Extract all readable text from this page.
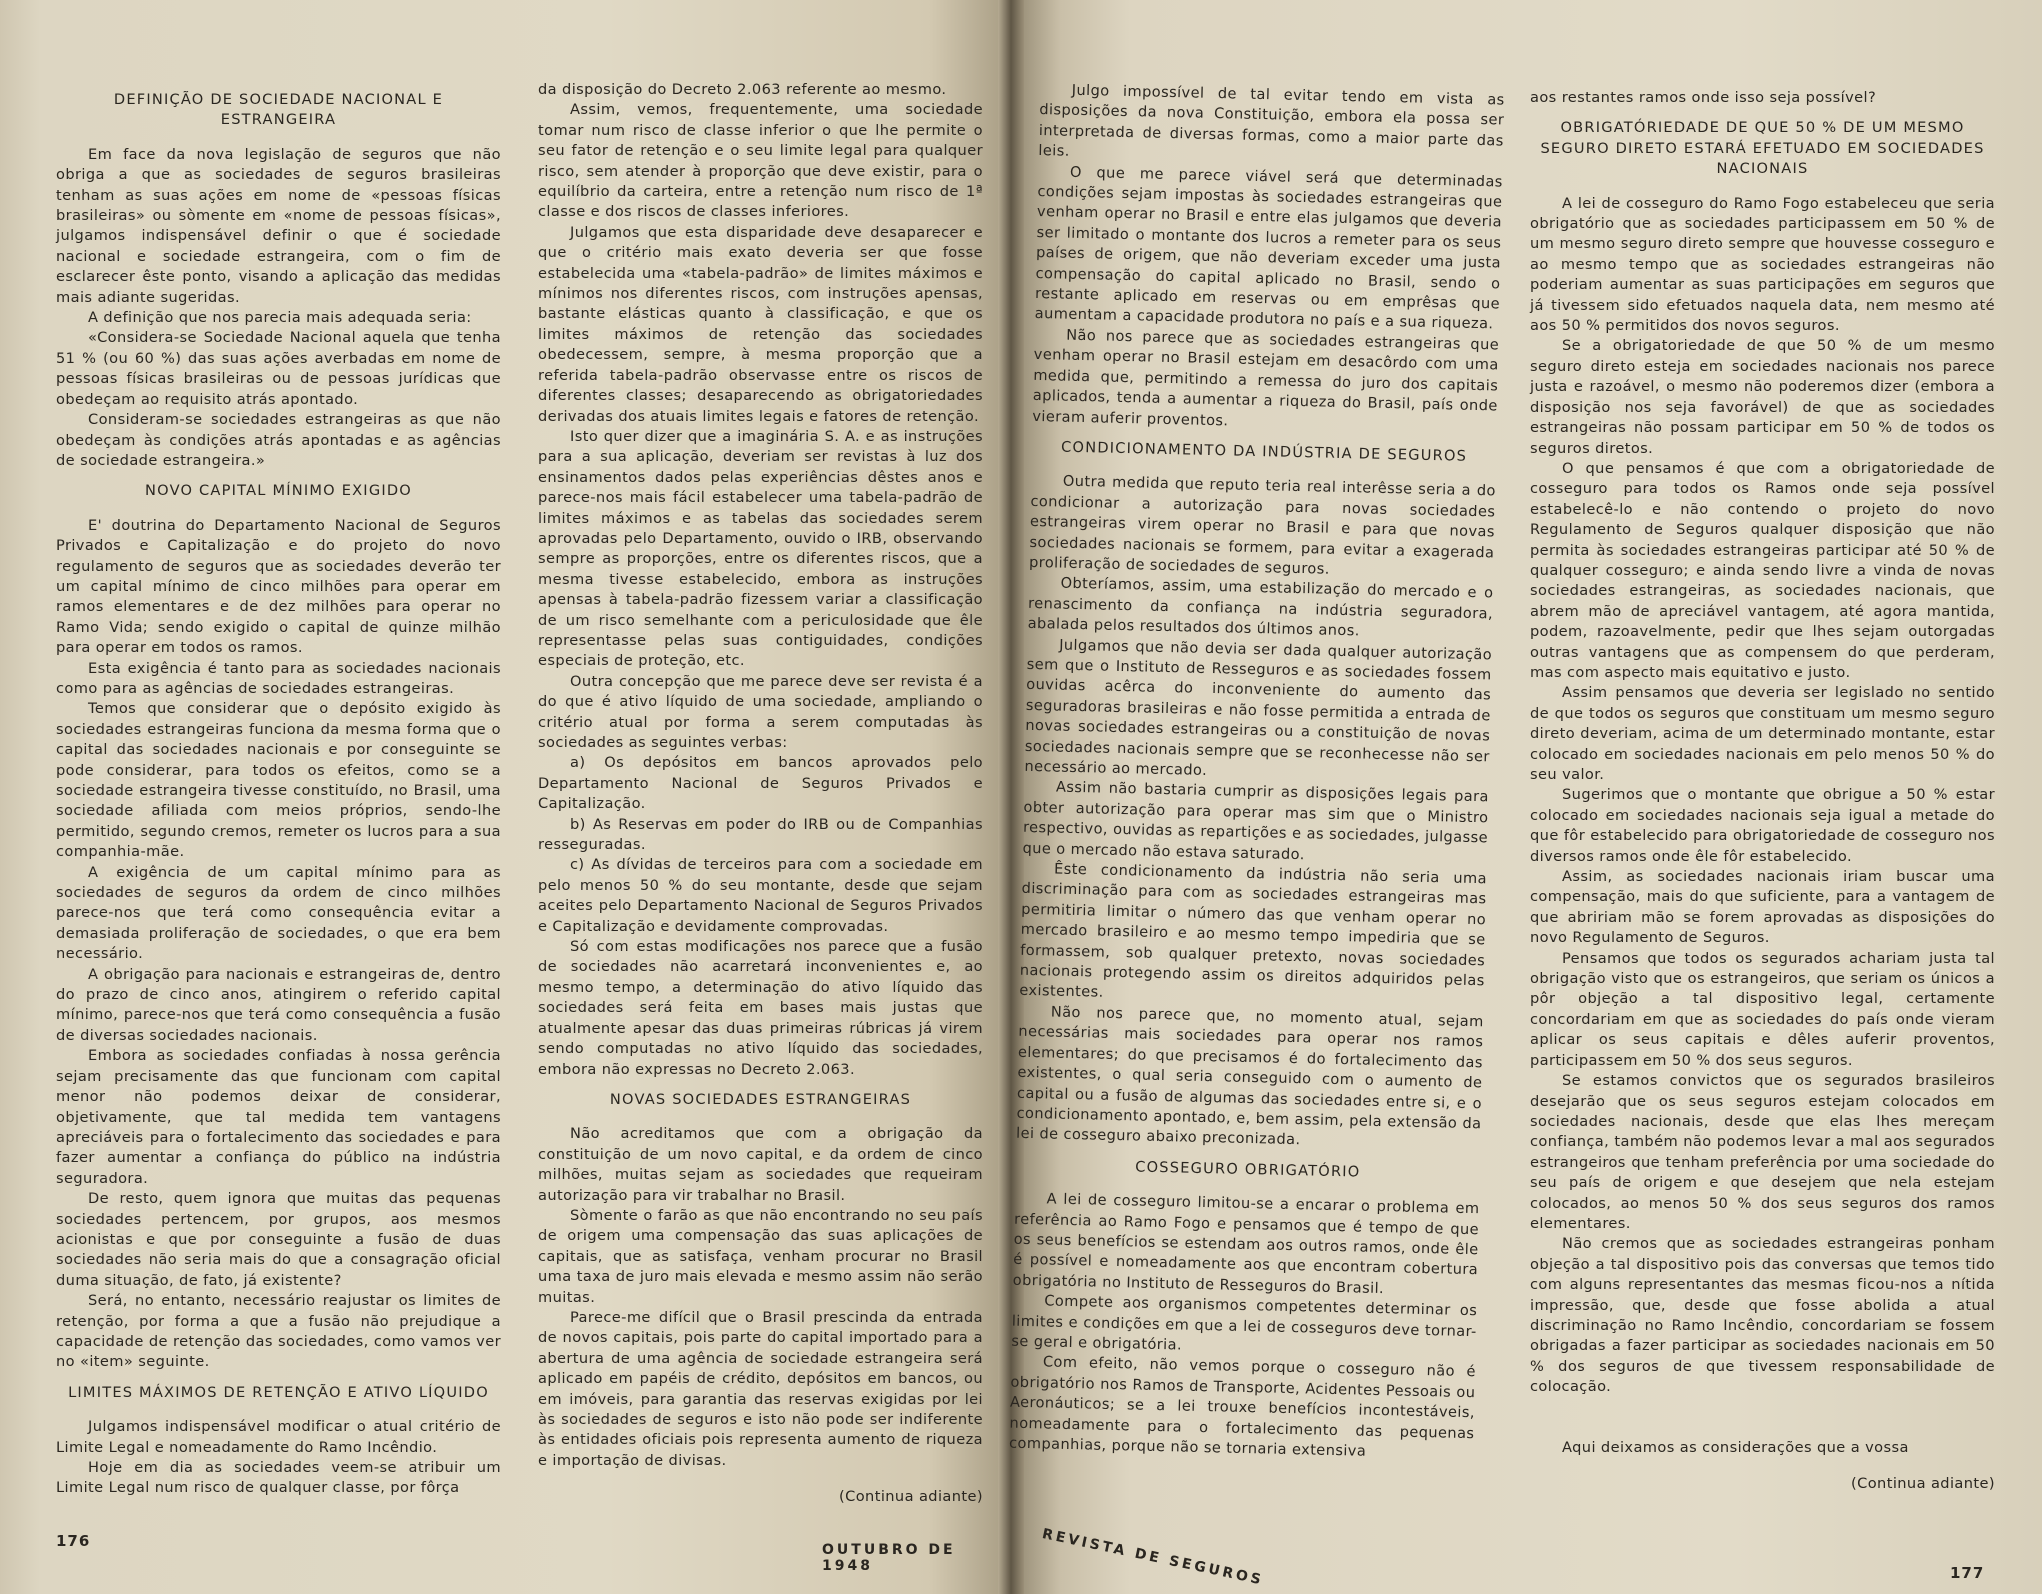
DEFINIÇÃO DE SOCIEDADE NACIONAL E ESTRANGEIRA

Em face da nova legislação de seguros que não obriga a que as sociedades de seguros brasileiras tenham as suas ações em nome de «pessoas físicas brasileiras» ou sòmente em «nome de pessoas físicas», julgamos indispensável definir o que é sociedade nacional e sociedade estrangeira, com o fim de esclarecer êste ponto, visando a aplicação das medidas mais adiante sugeridas.

A definição que nos parecia mais adequada seria:

«Considera-se Sociedade Nacional aquela que tenha 51 % (ou 60 %) das suas ações averbadas em nome de pessoas físicas brasileiras ou de pessoas jurídicas que obedeçam ao requisito atrás apontado.

Consideram-se sociedades estrangeiras as que não obedeçam às condições atrás apontadas e as agências de sociedade estrangeira.»

NOVO CAPITAL MÍNIMO EXIGIDO

E' doutrina do Departamento Nacional de Seguros Privados e Capitalização e do projeto do novo regulamento de seguros que as sociedades deverão ter um capital mínimo de cinco milhões para operar em ramos elementares e de dez milhões para operar no Ramo Vida; sendo exigido o capital de quinze milhão para operar em todos os ramos.

Esta exigência é tanto para as sociedades nacionais como para as agências de sociedades estrangeiras.

Temos que considerar que o depósito exigido às sociedades estrangeiras funciona da mesma forma que o capital das sociedades nacionais e por conseguinte se pode considerar, para todos os efeitos, como se a sociedade estrangeira tivesse constituído, no Brasil, uma sociedade afiliada com meios próprios, sendo-lhe permitido, segundo cremos, remeter os lucros para a sua companhia-mãe.

A exigência de um capital mínimo para as sociedades de seguros da ordem de cinco milhões parece-nos que terá como consequência evitar a demasiada proliferação de sociedades, o que era bem necessário.

A obrigação para nacionais e estrangeiras de, dentro do prazo de cinco anos, atingirem o referido capital mínimo, parece-nos que terá como consequência a fusão de diversas sociedades nacionais.

Embora as sociedades confiadas à nossa gerência sejam precisamente das que funcionam com capital menor não podemos deixar de considerar, objetivamente, que tal medida tem vantagens apreciáveis para o fortalecimento das sociedades e para fazer aumentar a confiança do público na indústria seguradora.

De resto, quem ignora que muitas das pequenas sociedades pertencem, por grupos, aos mesmos acionistas e que por conseguinte a fusão de duas sociedades não seria mais do que a consagração oficial duma situação, de fato, já existente?

Será, no entanto, necessário reajustar os limites de retenção, por forma a que a fusão não prejudique a capacidade de retenção das sociedades, como vamos ver no «item» seguinte.

LIMITES MÁXIMOS DE RETENÇÃO E ATIVO LÍQUIDO

Julgamos indispensável modificar o atual critério de Limite Legal e nomeadamente do Ramo Incêndio.

Hoje em dia as sociedades veem-se atribuir um Limite Legal num risco de qualquer classe, por fôrça

da disposição do Decreto 2.063 referente ao mesmo.

Assim, vemos, frequentemente, uma sociedade tomar num risco de classe inferior o que lhe permite o seu fator de retenção e o seu limite legal para qualquer risco, sem atender à proporção que deve existir, para o equilíbrio da carteira, entre a retenção num risco de 1ª classe e dos riscos de classes inferiores.

Julgamos que esta disparidade deve desaparecer e que o critério mais exato deveria ser que fosse estabelecida uma «tabela-padrão» de limites máximos e mínimos nos diferentes riscos, com instruções apensas, bastante elásticas quanto à classificação, e que os limites máximos de retenção das sociedades obedecessem, sempre, à mesma proporção que a referida tabela-padrão observasse entre os riscos de diferentes classes; desaparecendo as obrigatoriedades derivadas dos atuais limites legais e fatores de retenção.

Isto quer dizer que a imaginária S. A. e as instruções para a sua aplicação, deveriam ser revistas à luz dos ensinamentos dados pelas experiências dêstes anos e parece-nos mais fácil estabelecer uma tabela-padrão de limites máximos e as tabelas das sociedades serem aprovadas pelo Departamento, ouvido o IRB, observando sempre as proporções, entre os diferentes riscos, que a mesma tivesse estabelecido, embora as instruções apensas à tabela-padrão fizessem variar a classificação de um risco semelhante com a periculosidade que êle representasse pelas suas contiguidades, condições especiais de proteção, etc.

Outra concepção que me parece deve ser revista é a do que é ativo líquido de uma sociedade, ampliando o critério atual por forma a serem computadas às sociedades as seguintes verbas:

a) Os depósitos em bancos aprovados pelo Departamento Nacional de Seguros Privados e Capitalização.

b) As Reservas em poder do IRB ou de Companhias resseguradas.

c) As dívidas de terceiros para com a sociedade em pelo menos 50 % do seu montante, desde que sejam aceites pelo Departamento Nacional de Seguros Privados e Capitalização e devidamente comprovadas.

Só com estas modificações nos parece que a fusão de sociedades não acarretará inconvenientes e, ao mesmo tempo, a determinação do ativo líquido das sociedades será feita em bases mais justas que atualmente apesar das duas primeiras rúbricas já virem sendo computadas no ativo líquido das sociedades, embora não expressas no Decreto 2.063.

NOVAS SOCIEDADES ESTRANGEIRAS

Não acreditamos que com a obrigação da constituição de um novo capital, e da ordem de cinco milhões, muitas sejam as sociedades que requeiram autorização para vir trabalhar no Brasil.

Sòmente o farão as que não encontrando no seu país de origem uma compensação das suas aplicações de capitais, que as satisfaça, venham procurar no Brasil uma taxa de juro mais elevada e mesmo assim não serão muitas.

Parece-me difícil que o Brasil prescinda da entrada de novos capitais, pois parte do capital importado para a abertura de uma agência de sociedade estrangeira será aplicado em papéis de crédito, depósitos em bancos, ou em imóveis, para garantia das reservas exigidas por lei às sociedades de seguros e isto não pode ser indiferente às entidades oficiais pois representa aumento de riqueza e importação de divisas.

(Continua adiante)

176	OUTUBRO DE 1948

Julgo impossível de tal evitar tendo em vista as disposições da nova Constituição, embora ela possa ser interpretada de diversas formas, como a maior parte das leis.

O que me parece viável será que determinadas condições sejam impostas às sociedades estrangeiras que venham operar no Brasil e entre elas julgamos que deveria ser limitado o montante dos lucros a remeter para os seus países de origem, que não deveriam exceder uma justa compensação do capital aplicado no Brasil, sendo o restante aplicado em reservas ou em emprêsas que aumentam a capacidade produtora no país e a sua riqueza.

Não nos parece que as sociedades estrangeiras que venham operar no Brasil estejam em desacôrdo com uma medida que, permitindo a remessa do juro dos capitais aplicados, tenda a aumentar a riqueza do Brasil, país onde vieram auferir proventos.

CONDICIONAMENTO DA INDÚSTRIA DE SEGUROS

Outra medida que reputo teria real interêsse seria a do condicionar a autorização para novas sociedades estrangeiras virem operar no Brasil e para que novas sociedades nacionais se formem, para evitar a exagerada proliferação de sociedades de seguros.

Obteríamos, assim, uma estabilização do mercado e o renascimento da confiança na indústria seguradora, abalada pelos resultados dos últimos anos.

Julgamos que não devia ser dada qualquer autorização sem que o Instituto de Resseguros e as sociedades fossem ouvidas acêrca do inconveniente do aumento das seguradoras brasileiras e não fosse permitida a entrada de novas sociedades estrangeiras ou a constituição de novas sociedades nacionais sempre que se reconhecesse não ser necessário ao mercado.

Assim não bastaria cumprir as disposições legais para obter autorização para operar mas sim que o Ministro respectivo, ouvidas as repartições e as sociedades, julgasse que o mercado não estava saturado.

Êste condicionamento da indústria não seria uma discriminação para com as sociedades estrangeiras mas permitiria limitar o número das que venham operar no mercado brasileiro e ao mesmo tempo impediria que se formassem, sob qualquer pretexto, novas sociedades nacionais protegendo assim os direitos adquiridos pelas existentes.

Não nos parece que, no momento atual, sejam necessárias mais sociedades para operar nos ramos elementares; do que precisamos é do fortalecimento das existentes, o qual seria conseguido com o aumento de capital ou a fusão de algumas das sociedades entre si, e o condicionamento apontado, e, bem assim, pela extensão da lei de cosseguro abaixo preconizada.

COSSEGURO OBRIGATÓRIO

A lei de cosseguro limitou-se a encarar o problema em referência ao Ramo Fogo e pensamos que é tempo de que os seus benefícios se estendam aos outros ramos, onde êle é possível e nomeadamente aos que encontram cobertura obrigatória no Instituto de Resseguros do Brasil.

Compete aos organismos competentes determinar os limites e condições em que a lei de cosseguros deve tornar-se geral e obrigatória.

Com efeito, não vemos porque o cosseguro não é obrigatório nos Ramos de Transporte, Acidentes Pessoais ou Aeronáuticos; se a lei trouxe benefícios incontestáveis, nomeadamente para o fortalecimento das pequenas companhias, porque não se tornaria extensiva

aos restantes ramos onde isso seja possível?

OBRIGATÓRIEDADE DE QUE 50 % DE UM MESMO SEGURO DIRETO ESTARÁ EFETUADO EM SOCIEDADES NACIONAIS

A lei de cosseguro do Ramo Fogo estabeleceu que seria obrigatório que as sociedades participassem em 50 % de um mesmo seguro direto sempre que houvesse cosseguro e ao mesmo tempo que as sociedades estrangeiras não poderiam aumentar as suas participações em seguros que já tivessem sido efetuados naquela data, nem mesmo até aos 50 % permitidos dos novos seguros.

Se a obrigatoriedade de que 50 % de um mesmo seguro direto esteja em sociedades nacionais nos parece justa e razoável, o mesmo não poderemos dizer (embora a disposição nos seja favorável) de que as sociedades estrangeiras não possam participar em 50 % de todos os seguros diretos.

O que pensamos é que com a obrigatoriedade de cosseguro para todos os Ramos onde seja possível estabelecê-lo e não contendo o projeto do novo Regulamento de Seguros qualquer disposição que não permita às sociedades estrangeiras participar até 50 % de qualquer cosseguro; e ainda sendo livre a vinda de novas sociedades estrangeiras, as sociedades nacionais, que abrem mão de apreciável vantagem, até agora mantida, podem, razoavelmente, pedir que lhes sejam outorgadas outras vantagens que as compensem do que perderam, mas com aspecto mais equitativo e justo.

Assim pensamos que deveria ser legislado no sentido de que todos os seguros que constituam um mesmo seguro direto deveriam, acima de um determinado montante, estar colocado em sociedades nacionais em pelo menos 50 % do seu valor.

Sugerimos que o montante que obrigue a 50 % estar colocado em sociedades nacionais seja igual a metade do que fôr estabelecido para obrigatoriedade de cosseguro nos diversos ramos onde êle fôr estabelecido.

Assim, as sociedades nacionais iriam buscar uma compensação, mais do que suficiente, para a vantagem de que abririam mão se forem aprovadas as disposições do novo Regulamento de Seguros.

Pensamos que todos os segurados achariam justa tal obrigação visto que os estrangeiros, que seriam os únicos a pôr objeção a tal dispositivo legal, certamente concordariam em que as sociedades do país onde vieram aplicar os seus capitais e dêles auferir proventos, participassem em 50 % dos seus seguros.

Se estamos convictos que os segurados brasileiros desejarão que os seus seguros estejam colocados em sociedades nacionais, desde que elas lhes mereçam confiança, também não podemos levar a mal aos segurados estrangeiros que tenham preferência por uma sociedade do seu país de origem e que desejem que nela estejam colocados, ao menos 50 % dos seus seguros dos ramos elementares.

Não cremos que as sociedades estrangeiras ponham objeção a tal dispositivo pois das conversas que temos tido com alguns representantes das mesmas ficou-nos a nítida impressão, que, desde que fosse abolida a atual discriminação no Ramo Incêndio, concordariam se fossem obrigadas a fazer participar as sociedades nacionais em 50 % dos seguros de que tivessem responsabilidade de colocação.

Aqui deixamos as considerações que a vossa

(Continua adiante)

REVISTA DE SEGUROS	177
